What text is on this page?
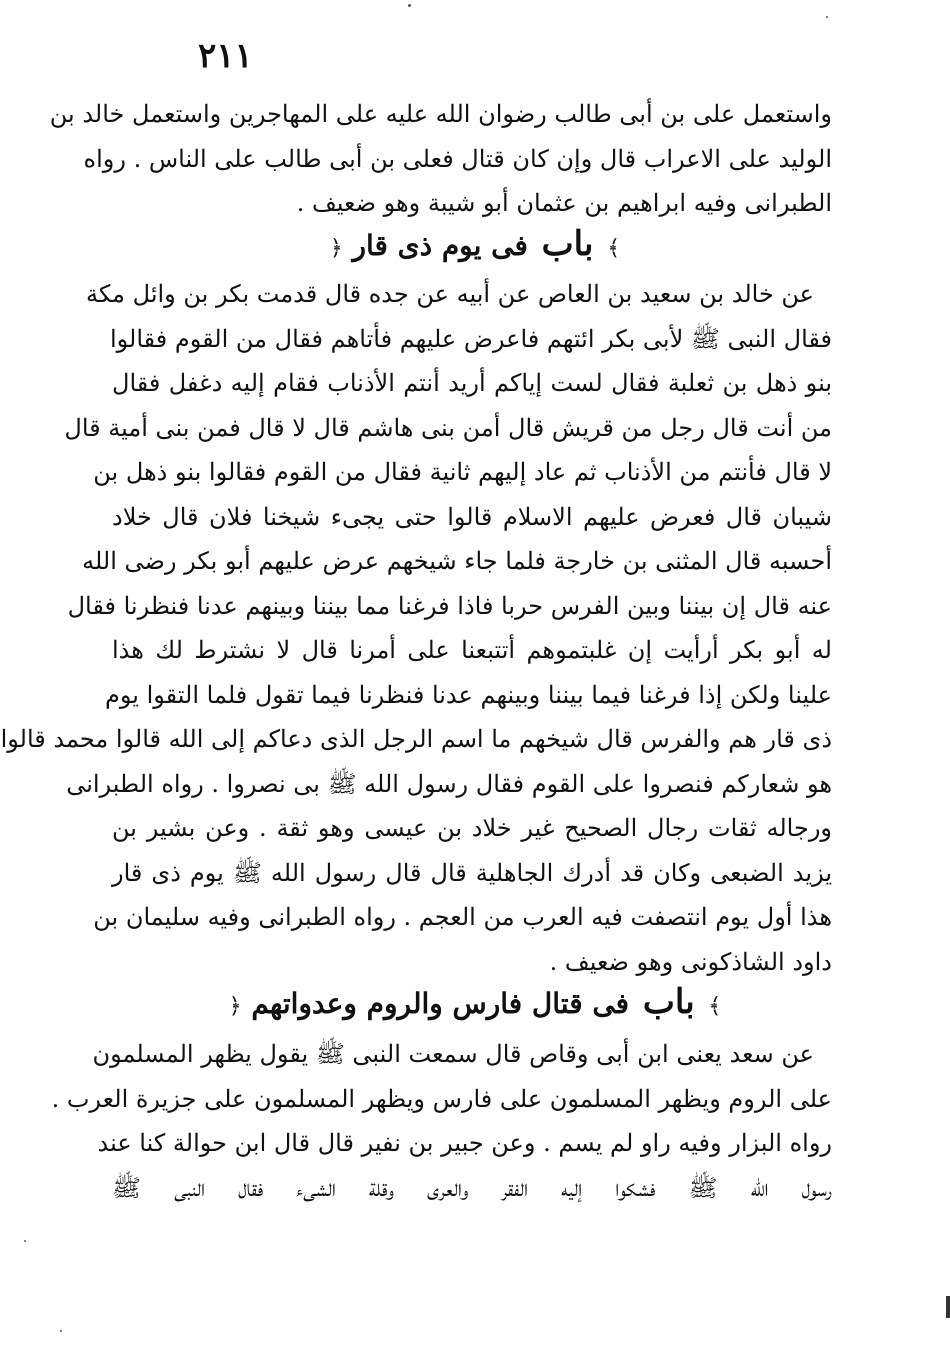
٢١١
واستعمل على بن أبى طالب رضوان الله عليه على المهاجرين واستعمل خالد بن
الوليد على الاعراب قال وإن كان قتال فعلى بن أبى طالب على الناس . رواه
الطبرانى وفيه ابراهيم بن عثمان أبو شيبة وهو ضعيف .
﴾ باب فى يوم ذى قار ﴿
عن خالد بن سعيد بن العاص عن أبيه عن جده قال قدمت بكر بن وائل مكة
فقال النبى ﷺ لأبى بكر ائتهم فاعرض عليهم فأتاهم فقال من القوم فقالوا
بنو ذهل بن ثعلبة فقال لست إياكم أريد أنتم الأذناب فقام إليه دغفل فقال
من أنت قال رجل من قريش قال أمن بنى هاشم قال لا قال فمن بنى أمية قال
لا قال فأنتم من الأذناب ثم عاد إليهم ثانية فقال من القوم فقالوا بنو ذهل بن
شيبان قال فعرض عليهم الاسلام قالوا حتى يجىء شيخنا فلان قال خلاد
أحسبه قال المثنى بن خارجة فلما جاء شيخهم عرض عليهم أبو بكر رضى الله
عنه قال إن بيننا وبين الفرس حربا فاذا فرغنا مما بيننا وبينهم عدنا فنظرنا فقال
له أبو بكر أرأيت إن غلبتموهم أتتبعنا على أمرنا قال لا نشترط لك هذا
علينا ولكن إذا فرغنا فيما بيننا وبينهم عدنا فنظرنا فيما تقول فلما التقوا يوم
ذى قار هم والفرس قال شيخهم ما اسم الرجل الذى دعاكم إلى الله قالوا محمد قالوا
هو شعاركم فنصروا على القوم فقال رسول الله ﷺ بى نصروا . رواه الطبرانى
ورجاله ثقات رجال الصحيح غير خلاد بن عيسى وهو ثقة . وعن بشير بن
يزيد الضبعى وكان قد أدرك الجاهلية قال قال رسول الله ﷺ يوم ذى قار
هذا أول يوم انتصفت فيه العرب من العجم . رواه الطبرانى وفيه سليمان بن
داود الشاذكونى وهو ضعيف .
﴾ باب فى قتال فارس والروم وعدواتهم ﴿
عن سعد يعنى ابن أبى وقاص قال سمعت النبى ﷺ يقول يظهر المسلمون
على الروم ويظهر المسلمون على فارس ويظهر المسلمون على جزيرة العرب .
رواه البزار وفيه راو لم يسم . وعن جبير بن نفير قال قال ابن حوالة كنا عند
رسول الله ﷺ فشكوا إليه الفقر والعرى وقلة الشىء فقال النبى ﷺ
